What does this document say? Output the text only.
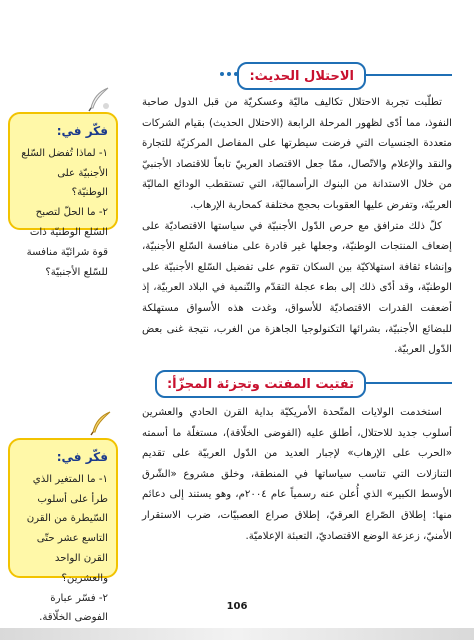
الاحتلال الحديث:

تطلّبت تجربة الاحتلال تكاليف ماليّة وعسكريّة من قبل الدول صاحبة النفوذ، مما أدّى لظهور المرحلة الرابعة (الاحتلال الحديث) بقيام الشركات متعددة الجنسيات التي فرضت سيطرتها على المفاصل المركزيّة للتجارة والنقد والإعلام والاتّصال، ممّا جعل الاقتصاد العربيّ تابعاً للاقتصاد الأجنبيّ من خلال الاستدانة من البنوك الرأسماليّة، التي تستقطب الودائع الماليّة العربيّة، وتفرض عليها العقوبات بحجج مختلفة كمحاربة الإرهاب.

كلّ ذلك مترافق مع حرص الدّول الأجنبيّة في سياستها الاقتصاديّة على إضعاف المنتجات الوطنيّة، وجعلها غير قادرة على منافسة السّلع الأجنبيّة، وإنشاء ثقافة استهلاكيّة بين السكان تقوم على تفضيل السّلع الأجنبيّة على الوطنيّة، وقد أدّى ذلك إلى بطء عجلة التقدّم والتّنمية في البلاد العربيّة، إذ أضعفت القدرات الاقتصاديّة للأسواق، وغدت هذه الأسواق مستهلكة للبضائع الأجنبيّة، بشرائها التكنولوجيا الجاهزة من الغرب، نتيجة غنى بعض الدّول العربيّة.

فكّر في:

١- لماذا تُفضل السّلع الأجنبيّة على الوطنيّة؟

٢- ما الحلّ لتصبح السّلع الوطنيّة ذات قوة شرائيّة منافسة للسّلع الأجنبيّة؟

تفتيت المفتت وتجزئة المجزّأ:

استخدمت الولايات المتّحدة الأمريكيّة بداية القرن الحادي والعشرين أسلوب جديد للاحتلال، أطلق عليه (الفوضى الخلّاقة)، مستغلّة ما أسمته «الحرب على الإرهاب» لإجبار العديد من الدّول العربيّة على تقديم التنازلات التي تناسب سياساتها في المنطقة، وخلق مشروع «الشّرق الأوسط الكبير» الذي أُعلن عنه رسمياً عام ٢٠٠٤م، وهو يستند إلى دعائم منها: إطلاق الصّراع العرقيّ، إطلاق صراع العصبيّات، ضرب الاستقرار الأمنيّ، زعزعة الوضع الاقتصاديّ، التعبئة الإعلاميّة.

فكّر في:

١- ما المتغير الذي طرأ على أسلوب السّيطرة من القرن التاسع عشر حتّى القرن الواحد والعشرين؟

٢- فسّر عبارة الفوضى الخلّاقة.

106
